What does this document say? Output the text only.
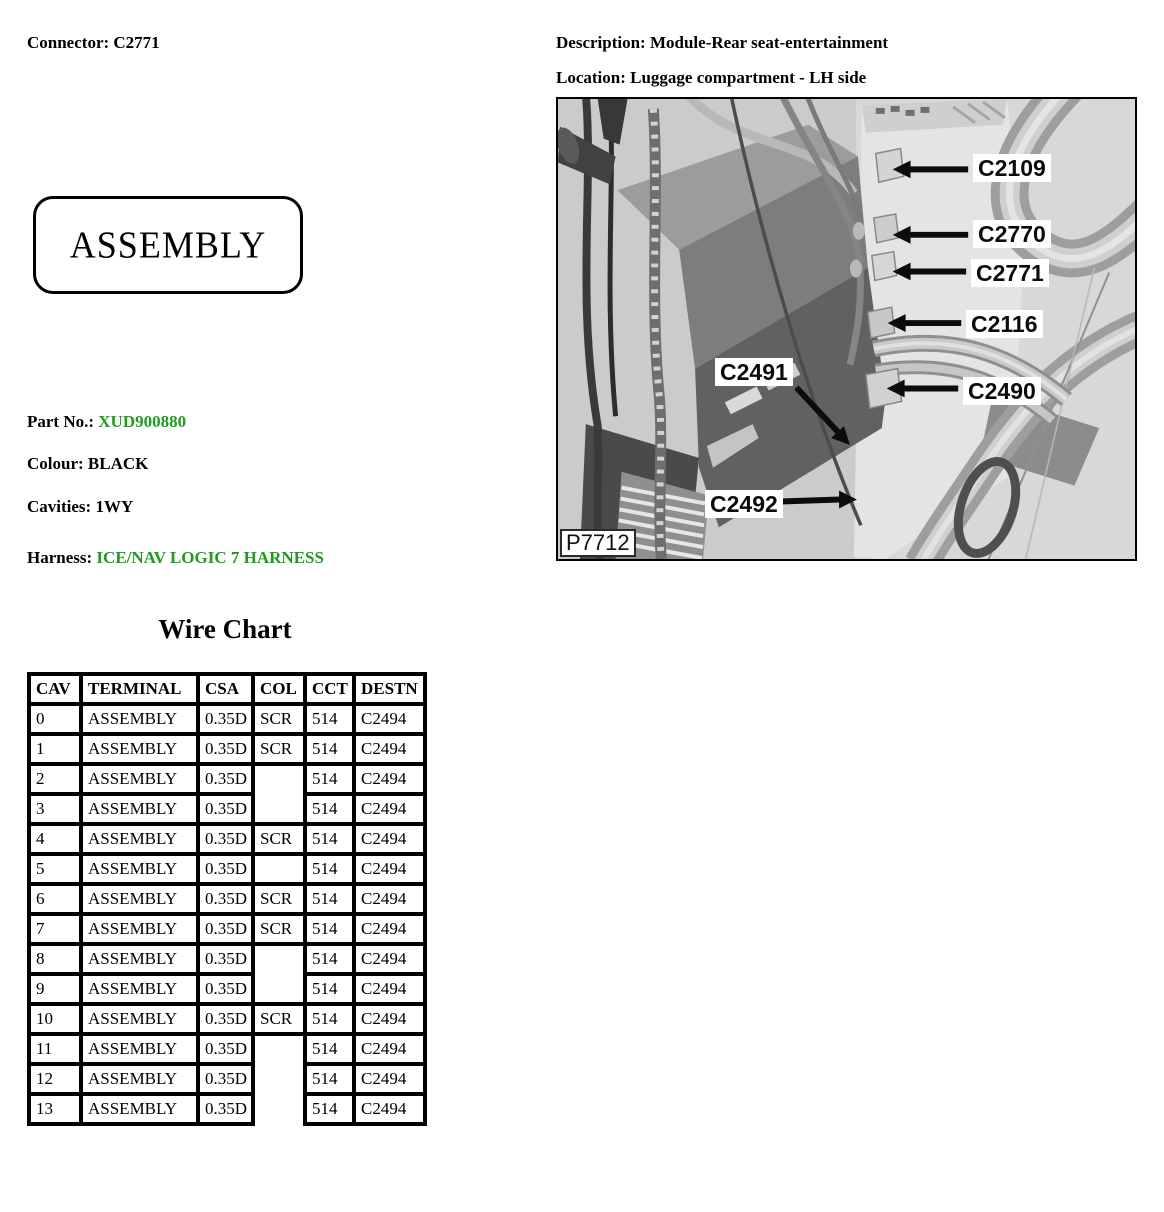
Connector: C2771	Description: Module-Rear seat-entertainment
Location: Luggage compartment - LH side
ASSEMBLY
Part No.: XUD900880
Colour: BLACK
Cavities: 1WY
Harness: ICE/NAV LOGIC 7 HARNESS
C2109
C2770
C2771
C2116
C2491
C2490
C2492
P7712
Wire Chart
CAV	TERMINAL	CSA	COL	CCT	DESTN
0	ASSEMBLY	0.35D	SCR	514	C2494
1	ASSEMBLY	0.35D	SCR	514	C2494
2	ASSEMBLY	0.35D		514	C2494
3	ASSEMBLY	0.35D		514	C2494
4	ASSEMBLY	0.35D	SCR	514	C2494
5	ASSEMBLY	0.35D		514	C2494
6	ASSEMBLY	0.35D	SCR	514	C2494
7	ASSEMBLY	0.35D	SCR	514	C2494
8	ASSEMBLY	0.35D		514	C2494
9	ASSEMBLY	0.35D		514	C2494
10	ASSEMBLY	0.35D	SCR	514	C2494
11	ASSEMBLY	0.35D		514	C2494
12	ASSEMBLY	0.35D		514	C2494
13	ASSEMBLY	0.35D		514	C2494
